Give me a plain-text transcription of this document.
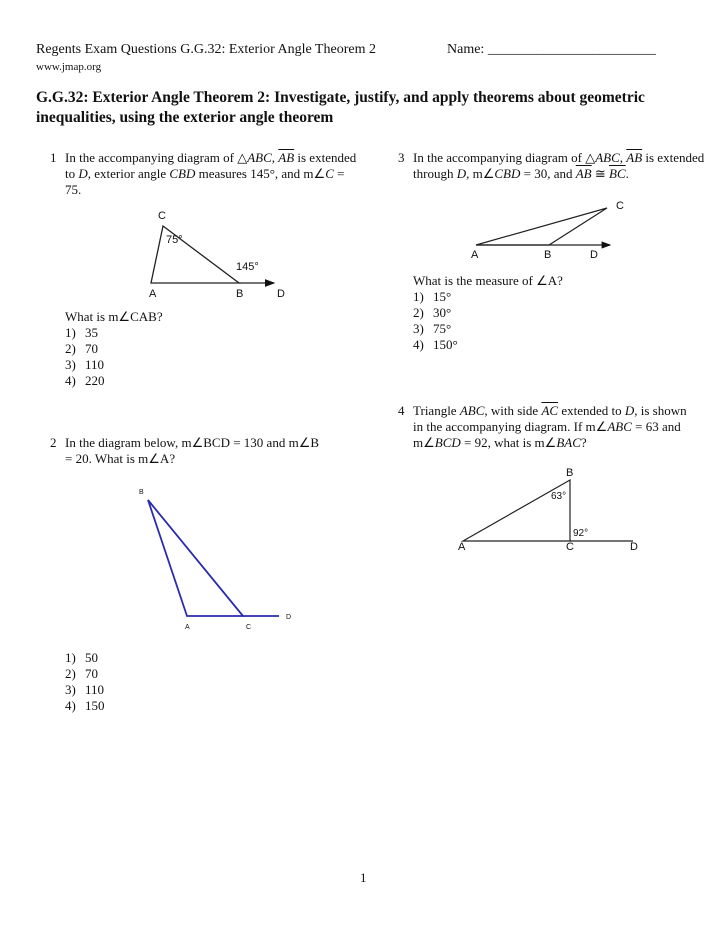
Regents Exam Questions G.G.32: Exterior Angle Theorem 2	Name: ________________________
www.jmap.org
G.G.32: Exterior Angle Theorem 2: Investigate, justify, and apply theorems about geometric inequalities, using the exterior angle theorem
1 In the accompanying diagram of △ABC, $\overline{AB}$ is extended to D, exterior angle CBD measures 145°, and m∠C = 75.
C
75°
145°
A	B	D
C
A	B	D
B
A	C
D
B
63°
92°
A	C	D
What is m∠CAB?
1) 35
2) 70
3) 110
4) 220
2 In the diagram below, m∠BCD = 130 and m∠B = 20. What is m∠A?
1) 50
2) 70
3) 110
4) 150
3 In the accompanying diagram of △ABC, $\overline{AB}$ is extended through D, m∠CBD = 30, and $\overline{AB}$ ≅ $\overline{BC}$.
What is the measure of ∠A?
1) 15°
2) 30°
3) 75°
4) 150°
4 Triangle ABC, with side $\overline{AC}$ extended to D, is shown in the accompanying diagram. If m∠ABC = 63 and m∠BCD = 92, what is m∠BAC?
1
